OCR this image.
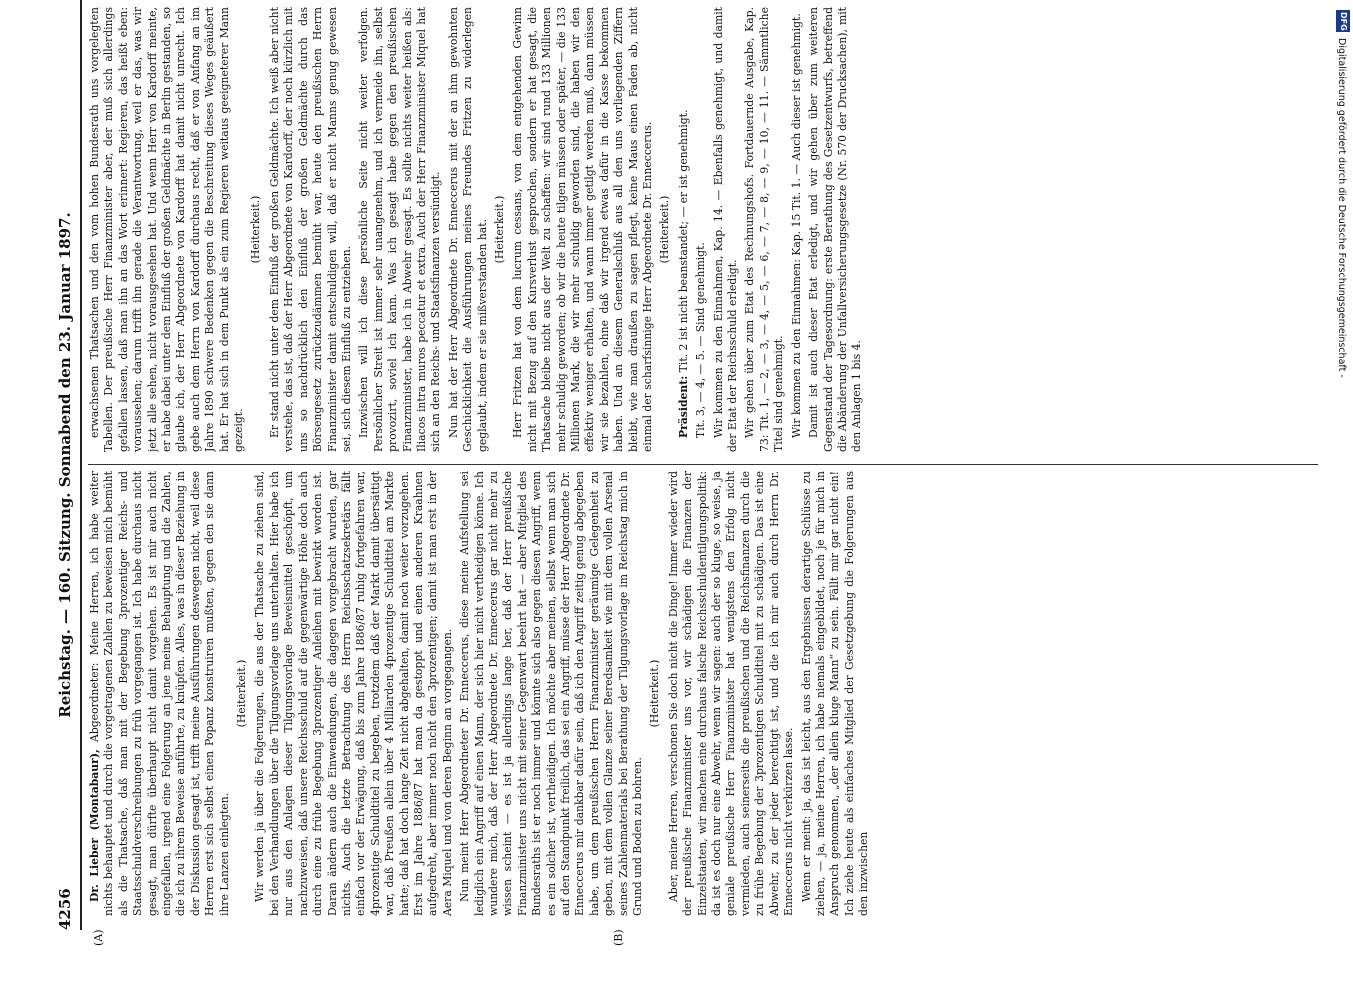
4256
Reichstag. — 160. Sitzung. Sonnabend den 23. Januar 1897.
(A)	(B)

Dr. Lieber (Montabaur), Abgeordneter: Meine Herren, ich habe weiter nichts behauptet und durch die vorgetragenen Zahlen zu beweisen mich bemüht als die Thatsache, daß man mit der Begebung 3prozentiger Reichs- und Staatsschuldverschreibungen zu früh vorgegangen ist. Ich habe durchaus nicht gesagt, man dürfte überhaupt nicht damit vorgehen. Es ist mir auch nicht eingefallen, irgend eine Folgerung an jene meine Behauptung und die Zahlen, die ich zu ihrem Beweise anführte, zu knüpfen. Alles, was in dieser Beziehung in der Diskussion gesagt ist, trifft meine Ausführungen deswegen nicht, weil diese Herren erst sich selbst einen Popanz konstruiren mußten, gegen den sie dann ihre Lanzen einlegten.

(Heiterkeit.) Wir werden ja über die Folgerungen, die aus der Thatsache zu ziehen sind, bei den Verhandlungen über die Tilgungsvorlage uns unterhalten. Hier habe ich nur aus den Anlagen dieser Tilgungsvorlage Beweismittel geschöpft, um nachzuweisen, daß unsere Reichsschuld auf die gegenwärtige Höhe doch auch durch eine zu frühe Begebung 3prozentiger Anleihen mit bewirkt worden ist. Daran ändern auch die Einwendungen, die dagegen vorgebracht wurden, gar nichts. Auch die letzte Betrachtung des Herrn Reichsschatzsekretärs fällt einfach vor der Erwägung, daß bis zum Jahre 1886/87 ruhig fortgefahren war, 4prozentige Schuldtitel zu begeben, trotzdem daß der Markt damit übersättigt war, daß Preußen allein über 4 Milliarden 4prozentige Schuldtitel am Markte hatte; daß hat doch lange Zeit nicht abgehalten, damit noch weiter vorzugehen. Erst im Jahre 1886/87 hat man da gestoppt und einen anderen Kraahnen aufgedreht, aber immer noch nicht den 3prozentigen; damit ist man erst in der Aera Miquel und von deren Beginn an vorgegangen. Nun meint Herr Abgeordneter Dr. Enneccerus, diese meine Aufstellung sei lediglich ein Angriff auf einen Mann, der sich hier nicht vertheidigen könne. Ich wundere mich, daß der Herr Abgeordnete Dr. Enneccerus gar nicht mehr zu wissen scheint — es ist ja allerdings lange her, daß der Herr preußische Finanzminister uns nicht mit seiner Gegenwart beehrt hat — aber Mitglied des Bundesraths ist er noch immer und könnte sich also gegen diesen Angriff, wenn es ein solcher ist, vertheidigen. Ich möchte aber meinen, selbst wenn man sich auf den Standpunkt freilich, das sei ein Angriff, müsse der Herr Abgeordnete Dr. Enneccerus mir dankbar dafür sein, daß ich den Angriff zeitig genug abgegeben habe, um dem preußischen Herrn Finanzminister geräumige Gelegenheit zu geben, mit dem vollen Glanze seiner Beredsamkeit wie mit dem vollen Arsenal seines Zahlenmaterials bei Berathung der Tilgungsvorlage im Reichstag mich in Grund und Boden zu bohren.

(Heiterkeit.) Aber, meine Herren, verschonen Sie doch nicht die Dinge! Immer wieder wird der preußische Finanzminister uns vor, wir schädigen die Finanzen der Einzelstaaten, wir machen eine durchaus falsche Reichsschuldentilgungspolitik: da ist es doch nur eine Abwehr, wenn wir sagen: auch der so kluge, so weise, ja geniale preußische Herr Finanzminister hat wenigstens den Erfolg nicht vermieden, auch seinerseits die preußischen und die Reichsfinanzen durch die zu frühe Begebung der 3prozentigen Schuldtitel mit zu schädigen. Das ist eine Abwehr, zu der jeder berechtigt ist, und die ich mir auch durch Herrn Dr. Enneccerus nicht verkürzen lasse. Wenn er meint: ja, das ist leicht, aus den Ergebnissen derartige Schlüsse zu ziehen, — ja, meine Herren, ich habe niemals eingebildet, noch je für mich in Anspruch genommen, „der allein kluge Mann“ zu sein. Fällt mir gar nicht ein! Ich ziehe heute als einfaches Mitglied der Gesetzgebung die Folgerungen aus den inzwischen

erwachsenen Thatsachen und den vom hohen Bundesrath uns vorgelegten Tabellen. Der preußische Herr Finanzminister aber, der muß sich allerdings gefallen lassen, daß man ihn an das Wort erinnert: Regieren, das heißt eben: voraussehen; darum trifft ihn gerade die Verantwortung, weil er das, was wir jetzt alle sehen, nicht vorausgesehen hat. Und wenn Herr von Kardorff meinte, er habe dabei unter dem Einfluß der großen Geldmächte in Berlin gestanden, so glaube ich, der Herr Abgeordnete von Kardorff hat damit nicht unrecht. Ich gebe auch dem Herrn von Kardorff durchaus recht, daß er von Anfang an im Jahre 1890 schwere Bedenken gegen die Beschreitung dieses Weges geäußert hat. Er hat sich in dem Punkt als ein zum Regieren weitaus geeigneterer Mann gezeigt.

(Heiterkeit.) Er stand nicht unter dem Einfluß der großen Geldmächte. Ich weiß aber nicht verstehe, das ist, daß der Herr Abgeordnete von Kardorff, der noch kürzlich mit uns so nachdrücklich den Einfluß der großen Geldmächte durch das Börsengesetz zurückzudämmen bemüht war, heute den preußischen Herrn Finanzminister damit entschuldigen will, daß er nicht Manns genug gewesen sei, sich diesem Einfluß zu entziehen. Inzwischen will ich diese persönliche Seite nicht weiter verfolgen. Persönlicher Streit ist immer sehr unangenehm, und ich vermeide ihn, selbst provozirt, soviel ich kann. Was ich gesagt habe gegen den preußischen Finanzminister, habe ich in Abwehr gesagt. Es sollte nichts weiter heißen als: Iliacos intra muros peccatur et extra. Auch der Herr Finanzminister Miquel hat sich an den Reichs- und Staatsfinanzen versündigt. Nun hat der Herr Abgeordnete Dr. Enneccerus mit der an ihm gewohnten Geschicklichkeit die Ausführungen meines Freundes Fritzen zu widerlegen geglaubt, indem er sie mißverstanden hat. (Heiterkeit.) Herr Fritzen hat von dem lucrum cessans, von dem entgehenden Gewinn nicht mit Bezug auf den Kursverlust gesprochen, sondern er hat gesagt, die Thatsache bleibe nicht aus der Welt zu schaffen: wir sind rund 133 Millionen mehr schuldig geworden; ob wir die heute tilgen müssen oder später, — die 133 Millionen Mark, die wir mehr schuldig geworden sind, die haben wir den effektiv weniger erhalten, und wann immer getilgt werden muß, dann müssen wir sie bezahlen, ohne daß wir irgend etwas dafür in die Kasse bekommen haben. Und an diesem Generalschluß aus all den uns vorliegenden Ziffern bleibt, wie man draußen zu sagen pflegt, keine Maus einen Faden ab, nicht einmal der scharfsinnige Herr Abgeordnete Dr. Enneccerus. (Heiterkeit.)

Präsident: Tit. 2 ist nicht beanstandet; — er ist genehmigt. Tit. 3, — 4, — 5. — Sind genehmigt. Wir kommen zu den Einnahmen, Kap. 14. — Ebenfalls genehmigt, und damit der Etat der Reichsschuld erledigt. Wir gehen über zum Etat des Rechnungshofs. Fortdauernde Ausgabe, Kap. 73: Tit. 1, — 2, — 3, — 4, — 5, — 6, — 7, — 8, — 9, — 10, — 11. — Sämmtliche Titel sind genehmigt. Wir kommen zu den Einnahmen: Kap. 15 Tit. 1. — Auch dieser ist genehmigt. Damit ist auch dieser Etat erledigt, und wir gehen über zum weiteren Gegenstand der Tagesordnung: erste Berathung des Gesetzentwurfs, betreffend die Abänderung der Unfallversicherungsgesetze (Nr. 570 der Drucksachen), mit den Anlagen 1 bis 4.

DFG
Digitalisierung gefördert durch die Deutsche Forschungsgemeinschaft -
